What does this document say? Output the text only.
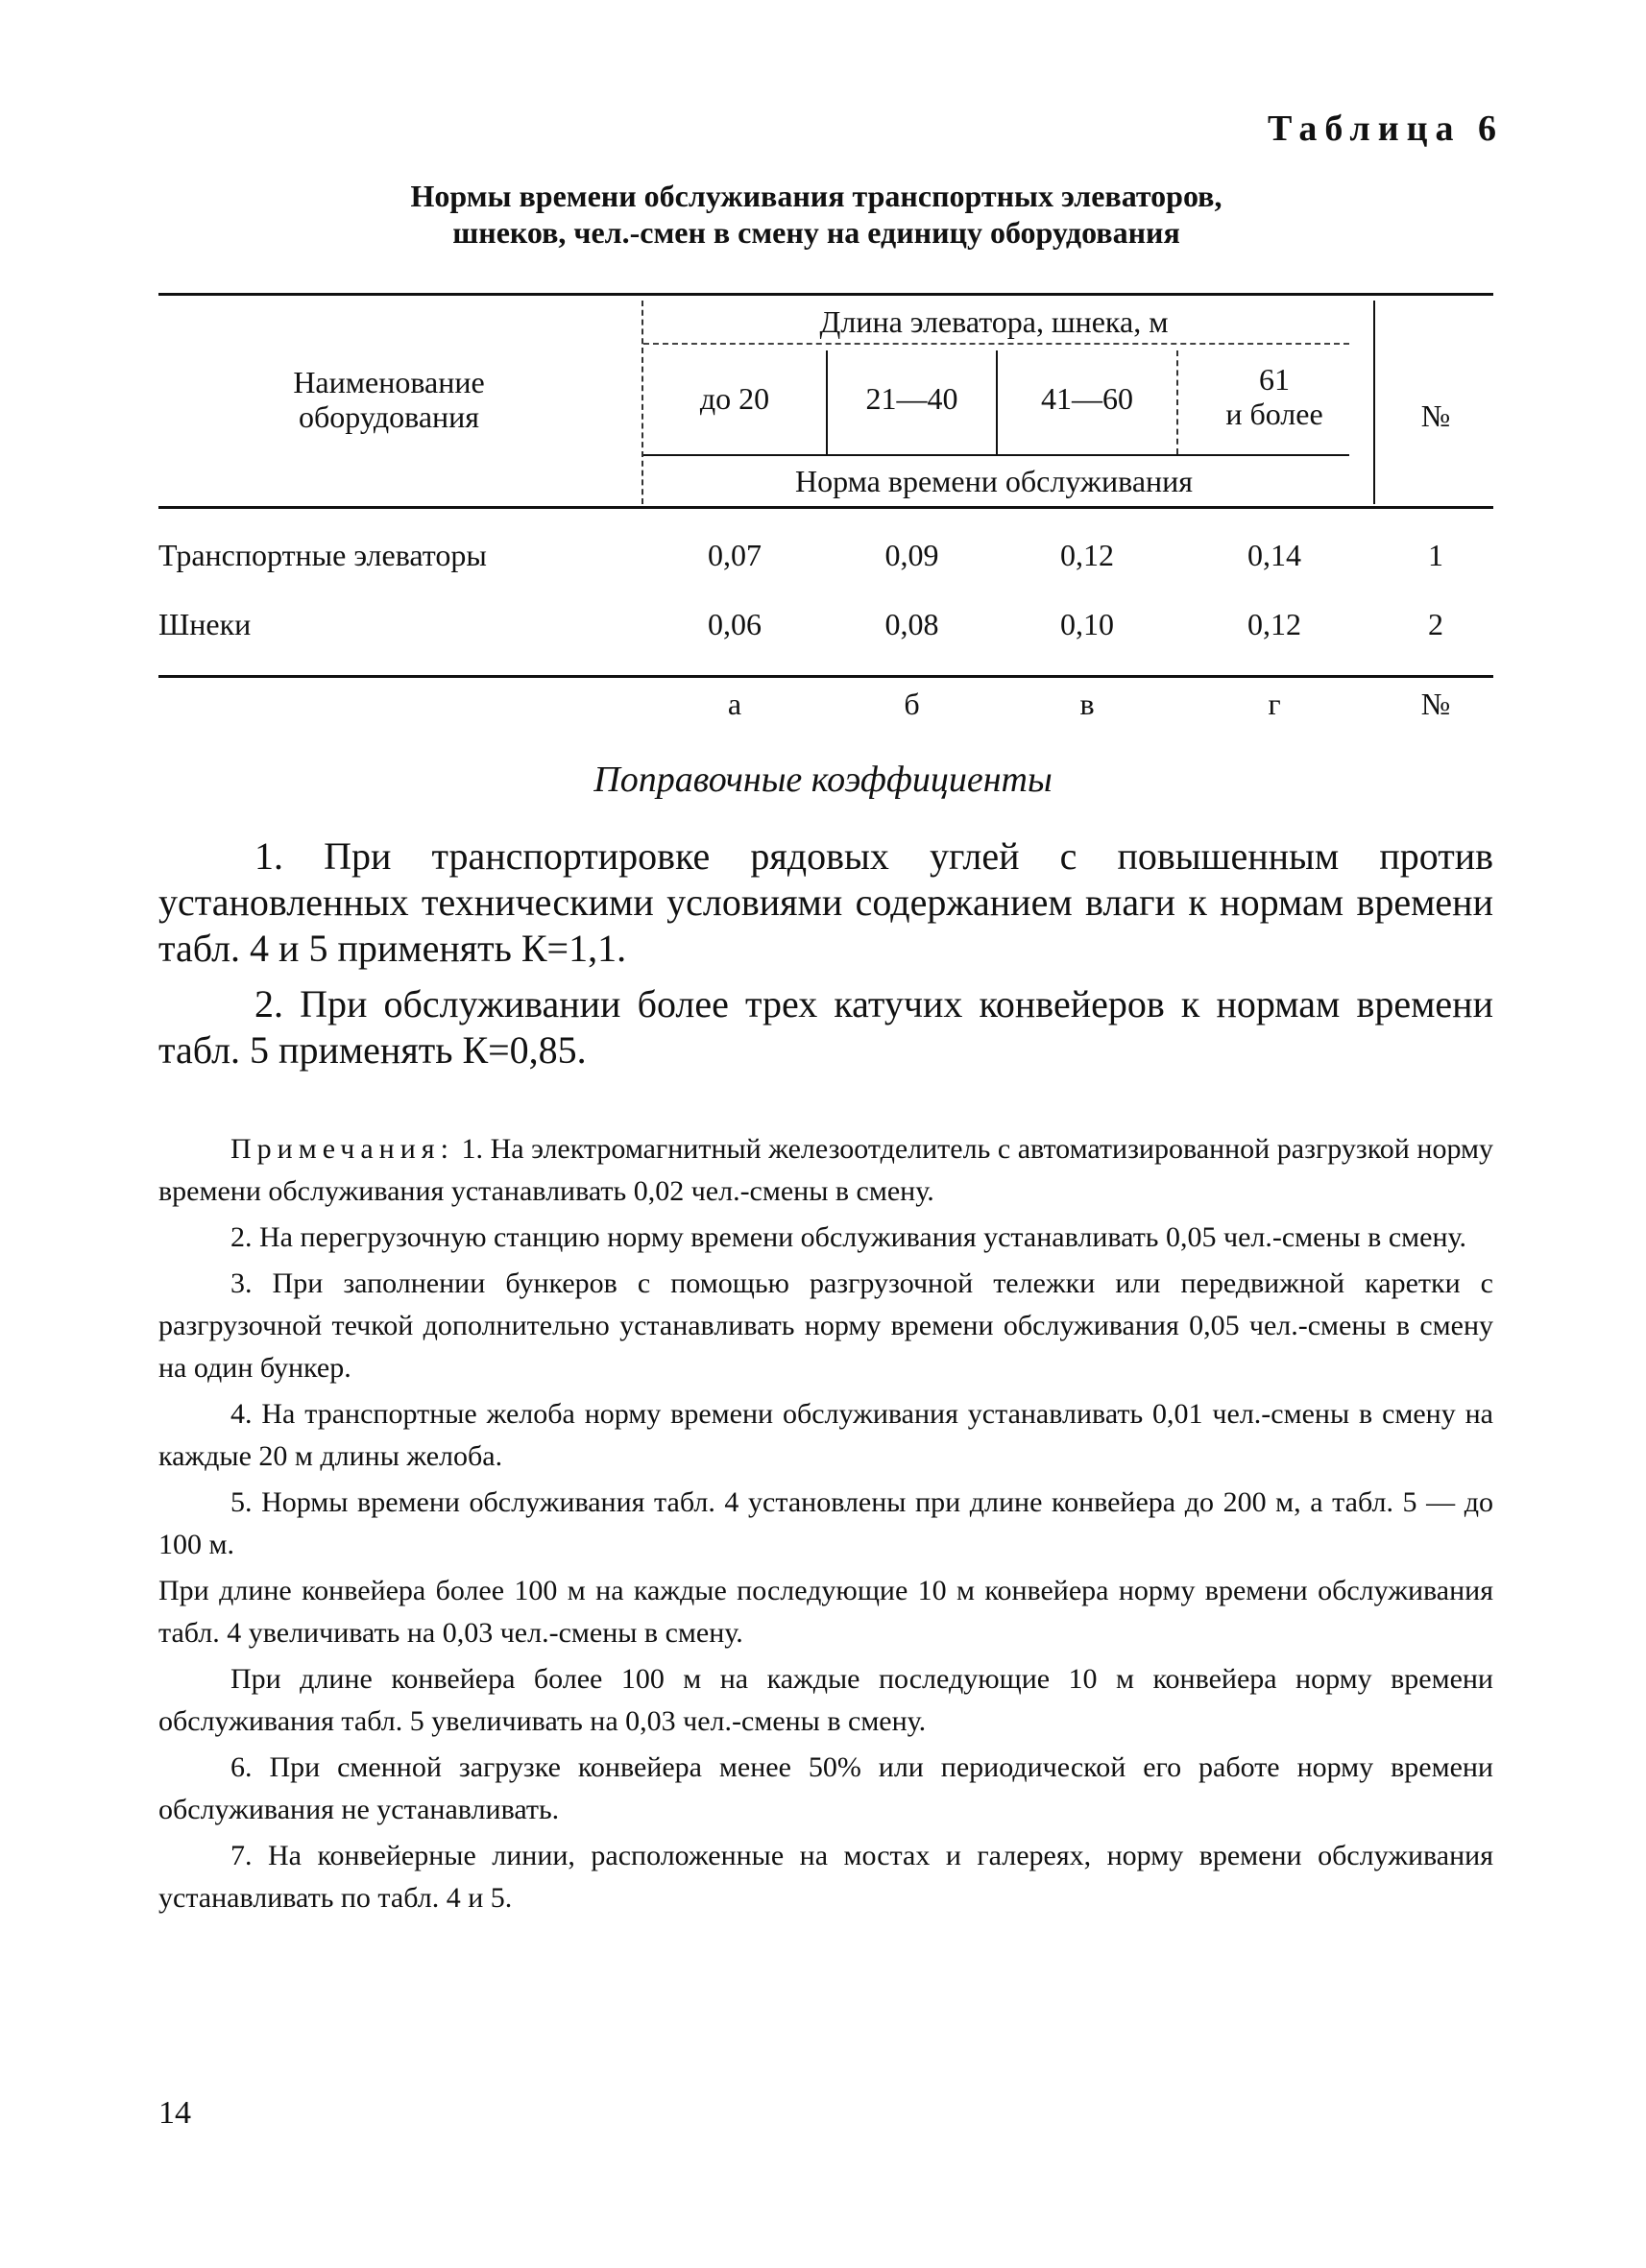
Таблица 6
Нормы времени обслуживания транспортных элеваторов,
шнеков, чел.-смен в смену на единицу оборудования
Наименование
оборудования
Длина элеватора, шнека, м
до 20	21—40	41—60
61
и более
Норма времени обслуживания
№
Транспортные элеваторы	0,07	0,09	0,12	0,14	1
Шнеки	0,06	0,08	0,10	0,12	2
а	б	в	г	№
Поправочные коэффициенты
1. При транспортировке рядовых углей с повышенным против установленных техническими условиями содержанием влаги к нормам времени табл. 4 и 5 применять К=1,1.
2. При обслуживании более трех катучих конвейеров к нормам времени табл. 5 применять К=0,85.

Примечания: 1. На электромагнитный железоотделитель с автоматизированной разгрузкой норму времени обслуживания устанавливать 0,02 чел.-смены в смену.

2. На перегрузочную станцию норму времени обслуживания устанавливать 0,05 чел.-смены в смену.

3. При заполнении бункеров с помощью разгрузочной тележки или передвижной каретки с разгрузочной течкой дополнительно устанавливать норму времени обслуживания 0,05 чел.-смены в смену на один бункер.

4. На транспортные желоба норму времени обслуживания устанавливать 0,01 чел.-смены в смену на каждые 20 м длины желоба.

5. Нормы времени обслуживания табл. 4 установлены при длине конвейера до 200 м, а табл. 5 — до 100 м.

При длине конвейера более 100 м на каждые последующие 10 м конвейера норму времени обслуживания табл. 4 увеличивать на 0,03 чел.-смены в смену.

При длине конвейера более 100 м на каждые последующие 10 м конвейера норму времени обслуживания табл. 5 увеличивать на 0,03 чел.-смены в смену.

6. При сменной загрузке конвейера менее 50% или периодической его работе норму времени обслуживания не устанавливать.

7. На конвейерные линии, расположенные на мостах и галереях, норму времени обслуживания устанавливать по табл. 4 и 5.

14
